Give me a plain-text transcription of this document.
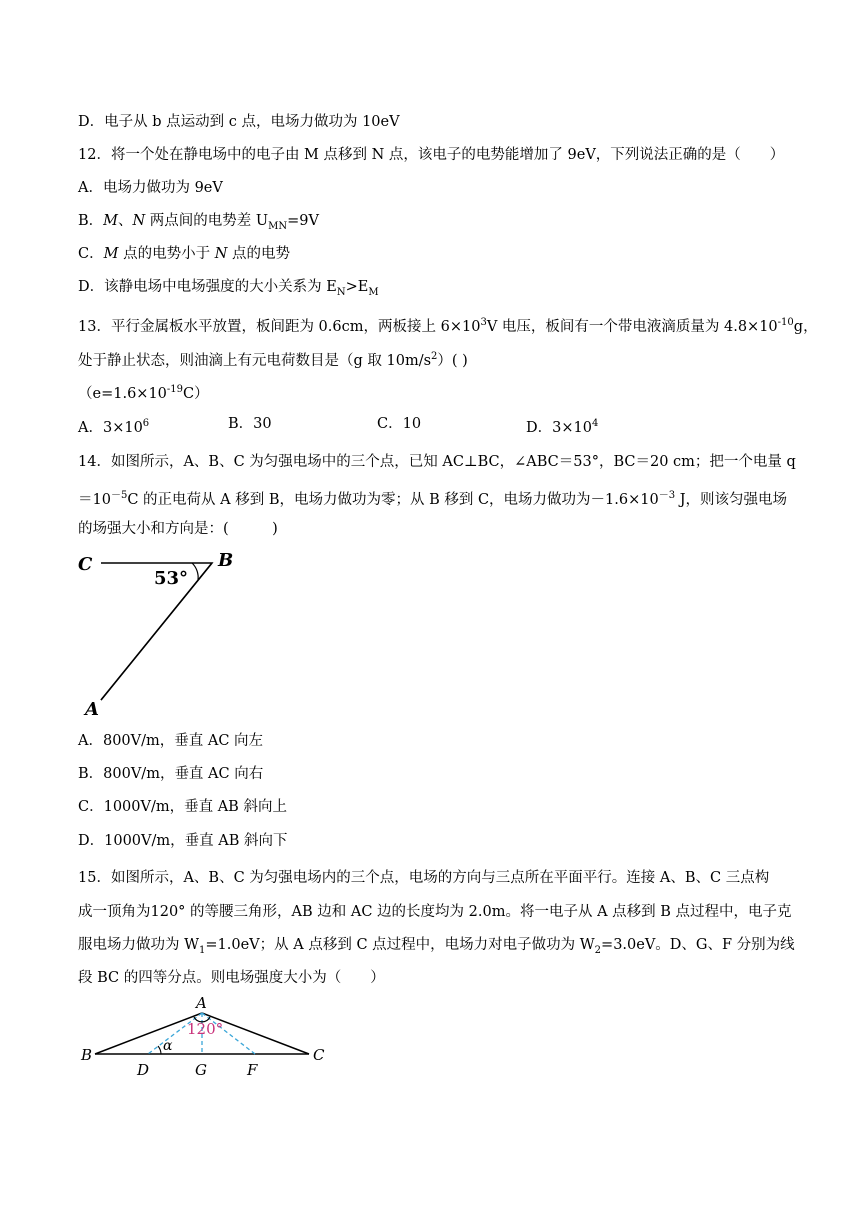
D．电子从 b 点运动到 c 点，电场力做功为 10eV
12．将一个处在静电场中的电子由 M 点移到 N 点，该电子的电势能增加了 9eV，下列说法正确的是（　　）
A．电场力做功为 9eV
B．M、N 两点间的电势差 $U_{MN}=9V$
C．M 点的电势小于 N 点的电势
D．该静电场中电场强度的大小关系为 $E_N>E_M$
13．平行金属板水平放置，板间距为 0.6cm，两板接上 $6\times 10^3V$ 电压，板间有一个带电液滴质量为 $4.8\times 10^{-10}g$，
处于静止状态，则油滴上有元电荷数目是（g 取 $10m/s^2$）( )
$(e=1.6\times 10^{-19}C)$
A．$3\times 10^6$	B．30	C．10	D．$3\times 10^4$
14．如图所示，A、B、C 为匀强电场中的三个点，已知 AC⊥BC，∠ABC＝53°，BC＝20 cm；把一个电量 q
$=10^{-5}C$ 的正电荷从 A 移到 B，电场力做功为零；从 B 移到 C，电场力做功为$-1.6\times 10^{-3}$ J，则该匀强电场
的场强大小和方向是：(　　　)
C	B
A
53°
A．800V/m，垂直 AC 向左
B．800V/m，垂直 AC 向右
C．1000V/m，垂直 AB 斜向上
D．1000V/m，垂直 AB 斜向下
15．如图所示，A、B、C 为匀强电场内的三个点，电场的方向与三点所在平面平行。连接 A、B、C 三点构
成一顶角为120° 的等腰三角形，AB 边和 AC 边的长度均为 2.0m。将一电子从 A 点移到 B 点过程中，电子克
服电场力做功为 $W_1=1.0eV$；从 A 点移到 C 点过程中，电场力对电子做功为 $W_2=3.0eV$。D、G、F 分别为线
段 BC 的四等分点。则电场强度大小为（　　）
A
B	C
D	G	F
α
120°
